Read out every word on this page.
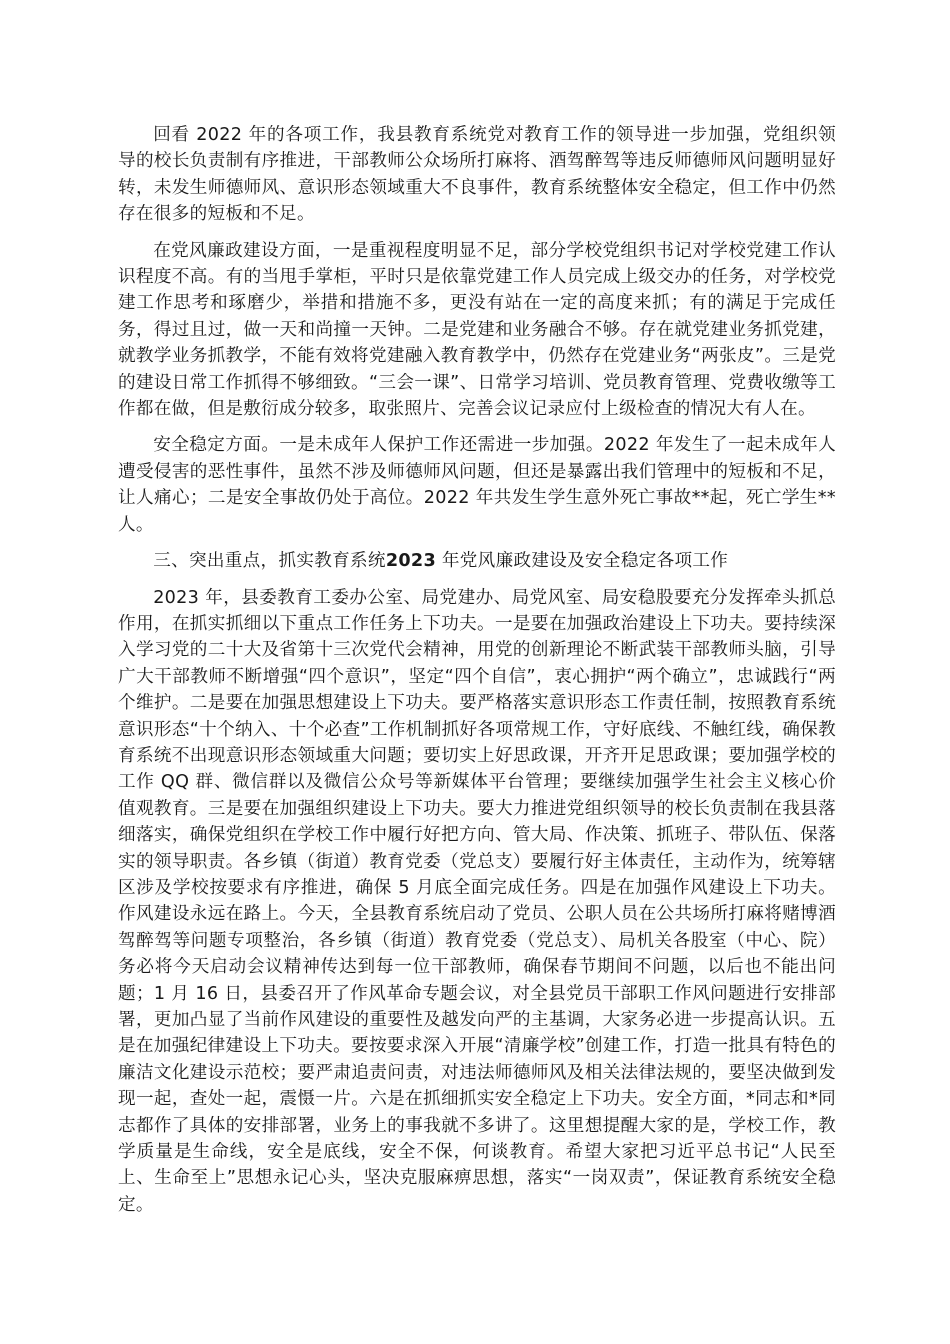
回看 2022 年的各项工作，我县教育系统党对教育工作的领导进一步加强，党组织领导的校长负责制有序推进，干部教师公众场所打麻将、酒驾醉驾等违反师德师风问题明显好转，未发生师德师风、意识形态领域重大不良事件，教育系统整体安全稳定，但工作中仍然存在很多的短板和不足。

在党风廉政建设方面，一是重视程度明显不足，部分学校党组织书记对学校党建工作认识程度不高。有的当甩手掌柜，平时只是依靠党建工作人员完成上级交办的任务，对学校党建工作思考和琢磨少，举措和措施不多，更没有站在一定的高度来抓；有的满足于完成任务，得过且过，做一天和尚撞一天钟。二是党建和业务融合不够。存在就党建业务抓党建，就教学业务抓教学，不能有效将党建融入教育教学中，仍然存在党建业务“两张皮”。三是党的建设日常工作抓得不够细致。“三会一课”、日常学习培训、党员教育管理、党费收缴等工作都在做，但是敷衍成分较多，取张照片、完善会议记录应付上级检查的情况大有人在。

安全稳定方面。一是未成年人保护工作还需进一步加强。2022 年发生了一起未成年人遭受侵害的恶性事件，虽然不涉及师德师风问题，但还是暴露出我们管理中的短板和不足，让人痛心；二是安全事故仍处于高位。2022 年共发生学生意外死亡事故**起，死亡学生**人。

三、突出重点，抓实教育系统2023 年党风廉政建设及安全稳定各项工作

2023 年，县委教育工委办公室、局党建办、局党风室、局安稳股要充分发挥牵头抓总作用，在抓实抓细以下重点工作任务上下功夫。一是要在加强政治建设上下功夫。要持续深入学习党的二十大及省第十三次党代会精神，用党的创新理论不断武装干部教师头脑，引导广大干部教师不断增强“四个意识”，坚定“四个自信”，衷心拥护“两个确立”，忠诚践行“两个维护。二是要在加强思想建设上下功夫。要严格落实意识形态工作责任制，按照教育系统意识形态“十个纳入、十个必查”工作机制抓好各项常规工作，守好底线、不触红线，确保教育系统不出现意识形态领域重大问题；要切实上好思政课，开齐开足思政课；要加强学校的工作 QQ 群、微信群以及微信公众号等新媒体平台管理；要继续加强学生社会主义核心价值观教育。三是要在加强组织建设上下功夫。要大力推进党组织领导的校长负责制在我县落细落实，确保党组织在学校工作中履行好把方向、管大局、作决策、抓班子、带队伍、保落实的领导职责。各乡镇（街道）教育党委（党总支）要履行好主体责任，主动作为，统筹辖区涉及学校按要求有序推进，确保 5 月底全面完成任务。四是在加强作风建设上下功夫。作风建设永远在路上。今天，全县教育系统启动了党员、公职人员在公共场所打麻将赌博酒驾醉驾等问题专项整治，各乡镇（街道）教育党委（党总支）、局机关各股室（中心、院）务必将今天启动会议精神传达到每一位干部教师，确保春节期间不问题，以后也不能出问题；1 月 16 日，县委召开了作风革命专题会议，对全县党员干部职工作风问题进行安排部署，更加凸显了当前作风建设的重要性及越发向严的主基调，大家务必进一步提高认识。五是在加强纪律建设上下功夫。要按要求深入开展“清廉学校”创建工作，打造一批具有特色的廉洁文化建设示范校；要严肃追责问责，对违法师德师风及相关法律法规的，要坚决做到发现一起，查处一起，震慑一片。六是在抓细抓实安全稳定上下功夫。安全方面，*同志和*同志都作了具体的安排部署，业务上的事我就不多讲了。这里想提醒大家的是，学校工作，教学质量是生命线，安全是底线，安全不保，何谈教育。希望大家把习近平总书记“人民至上、生命至上”思想永记心头，坚决克服麻痹思想，落实“一岗双责”，保证教育系统安全稳定。
